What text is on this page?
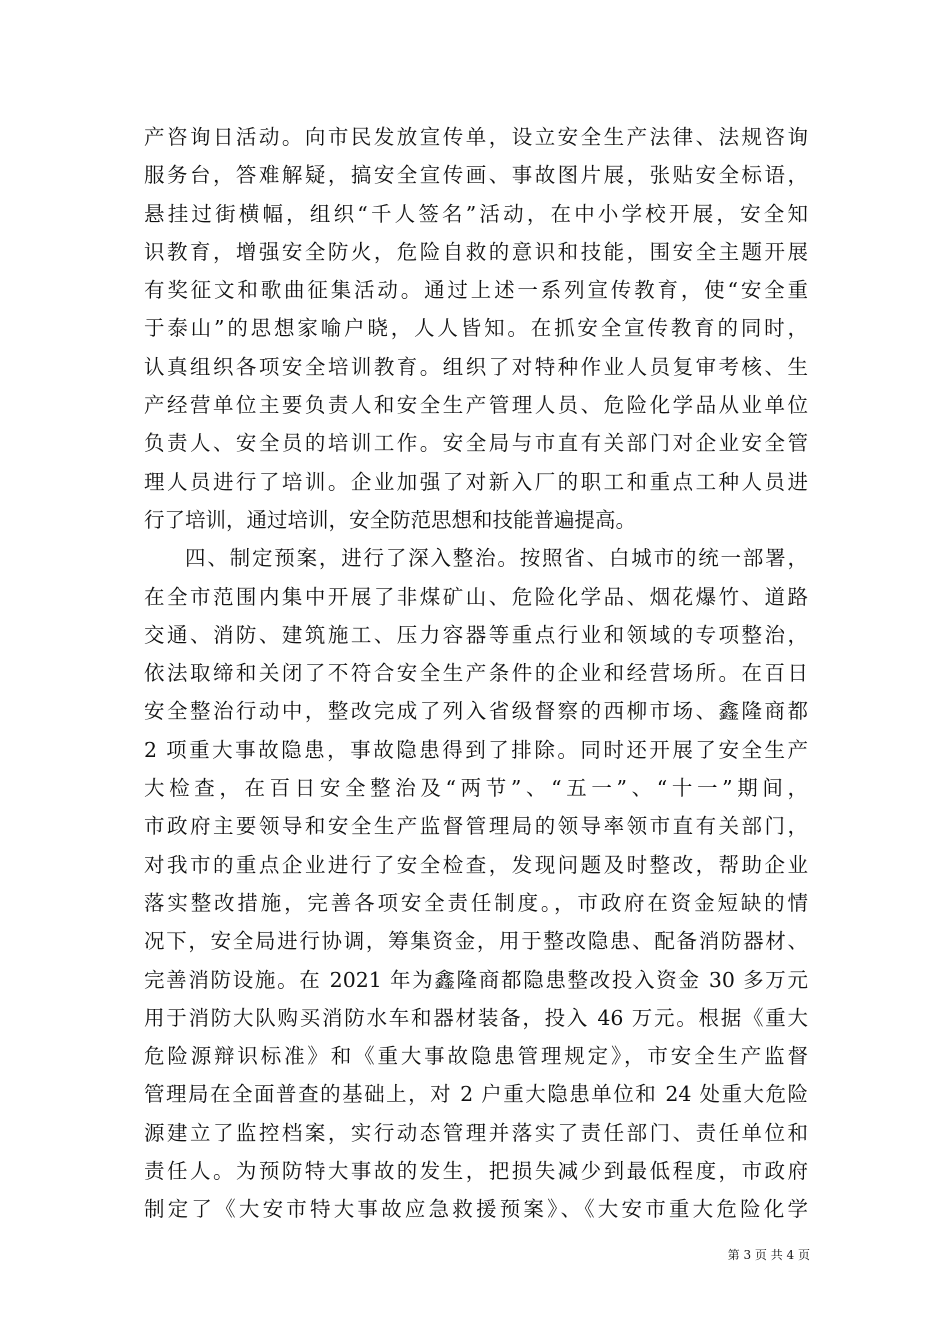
产咨询日活动。向市民发放宣传单，设立安全生产法律、法规咨询
服务台，答难解疑，搞安全宣传画、事故图片展，张贴安全标语，
悬挂过街横幅，组织“千人签名”活动，在中小学校开展，安全知
识教育，增强安全防火，危险自救的意识和技能，围安全主题开展
有奖征文和歌曲征集活动。通过上述一系列宣传教育，使“安全重
于泰山”的思想家喻户晓，人人皆知。在抓安全宣传教育的同时，
认真组织各项安全培训教育。组织了对特种作业人员复审考核、生
产经营单位主要负责人和安全生产管理人员、危险化学品从业单位
负责人、安全员的培训工作。安全局与市直有关部门对企业安全管
理人员进行了培训。企业加强了对新入厂的职工和重点工种人员进
行了培训，通过培训，安全防范思想和技能普遍提高。
四、制定预案，进行了深入整治。按照省、白城市的统一部署，
在全市范围内集中开展了非煤矿山、危险化学品、烟花爆竹、道路
交通、消防、建筑施工、压力容器等重点行业和领域的专项整治，
依法取缔和关闭了不符合安全生产条件的企业和经营场所。在百日
安全整治行动中，整改完成了列入省级督察的西柳市场、鑫隆商都
2 项重大事故隐患，事故隐患得到了排除。同时还开展了安全生产
大检查，在百日安全整治及“两节”、“五一”、“十一”期间，
市政府主要领导和安全生产监督管理局的领导率领市直有关部门，
对我市的重点企业进行了安全检查，发现问题及时整改，帮助企业
落实整改措施，完善各项安全责任制度。，市政府在资金短缺的情
况下，安全局进行协调，筹集资金，用于整改隐患、配备消防器材、
完善消防设施。在 2021 年为鑫隆商都隐患整改投入资金 30 多万元
用于消防大队购买消防水车和器材装备，投入 46 万元。根据《重大
危险源辩识标准》和《重大事故隐患管理规定》，市安全生产监督
管理局在全面普查的基础上，对 2 户重大隐患单位和 24 处重大危险
源建立了监控档案，实行动态管理并落实了责任部门、责任单位和
责任人。为预防特大事故的发生，把损失减少到最低程度，市政府
制定了《大安市特大事故应急救援预案》、《大安市重大危险化学
第 3 页 共 4 页
